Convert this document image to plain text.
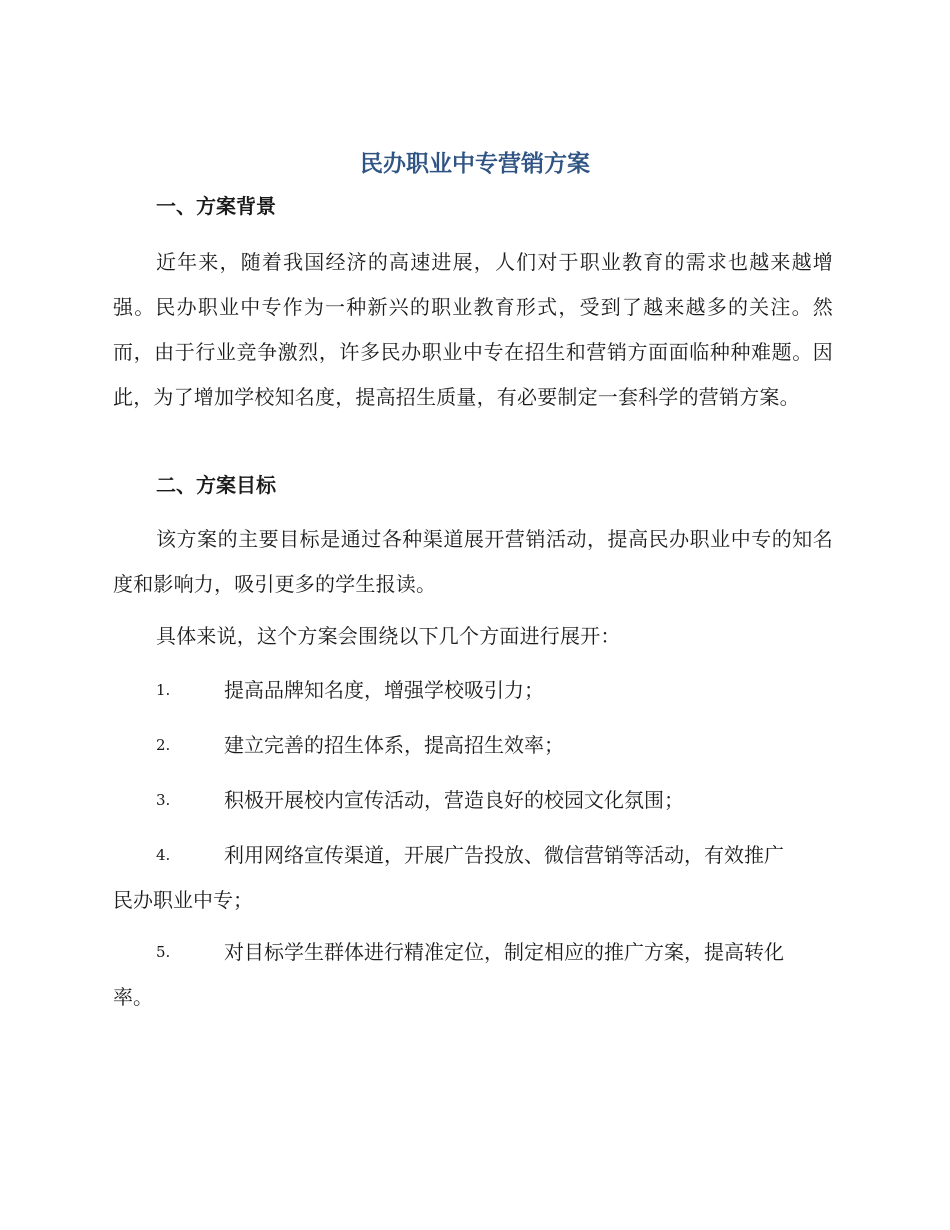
民办职业中专营销方案
一、方案背景
近年来，随着我国经济的高速进展，人们对于职业教育的需求也越来越增强。民办职业中专作为一种新兴的职业教育形式，受到了越来越多的关注。然而，由于行业竞争激烈，许多民办职业中专在招生和营销方面面临种种难题。因此，为了增加学校知名度，提高招生质量，有必要制定一套科学的营销方案。
二、方案目标
该方案的主要目标是通过各种渠道展开营销活动，提高民办职业中专的知名度和影响力，吸引更多的学生报读。
具体来说，这个方案会围绕以下几个方面进行展开：
1.	提高品牌知名度，增强学校吸引力；
2.	建立完善的招生体系，提高招生效率；
3.	积极开展校内宣传活动，营造良好的校园文化氛围；
4.	利用网络宣传渠道，开展广告投放、微信营销等活动，有效推广
民办职业中专；
5.	对目标学生群体进行精准定位，制定相应的推广方案，提高转化
率。
